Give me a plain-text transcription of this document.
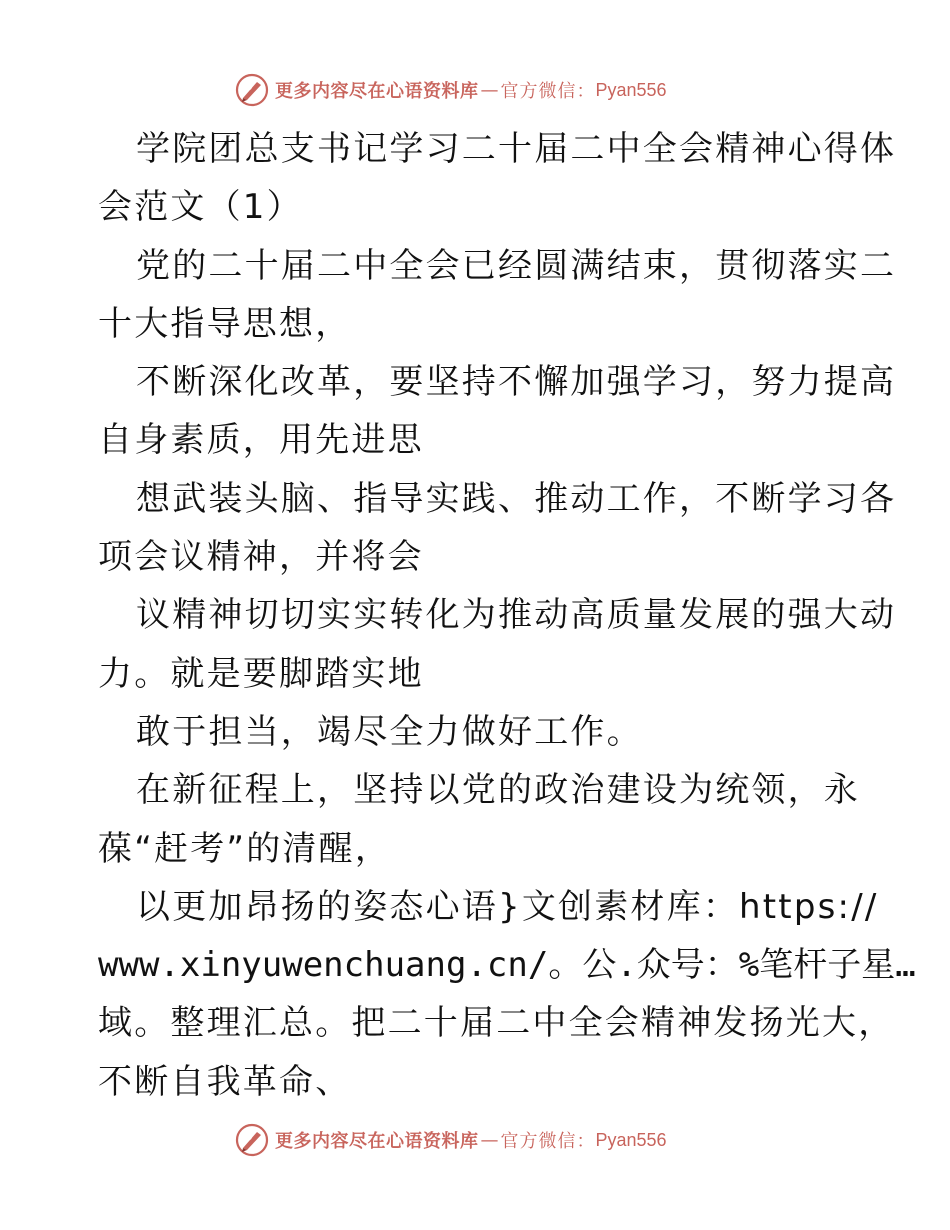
更多内容尽在心语资料库 — 官方微信： Pyan556
学院团总支书记学习二十届二中全会精神心得体
会范文（1）
党的二十届二中全会已经圆满结束，贯彻落实二
十大指导思想，
不断深化改革，要坚持不懈加强学习，努力提高
自身素质，用先进思
想武装头脑、指导实践、推动工作，不断学习各
项会议精神，并将会
议精神切切实实转化为推动高质量发展的强大动
力。就是要脚踏实地
敢于担当，竭尽全力做好工作。
在新征程上，坚持以党的政治建设为统领，永
葆“赶考”的清醒，
以更加昂扬的姿态心语}文创素材库：https://
www.xinyuwenchuang.cn/。公.众号：%笔杆子星…
域。整理汇总。把二十届二中全会精神发扬光大，
不断自我革命、
更多内容尽在心语资料库 — 官方微信： Pyan556
